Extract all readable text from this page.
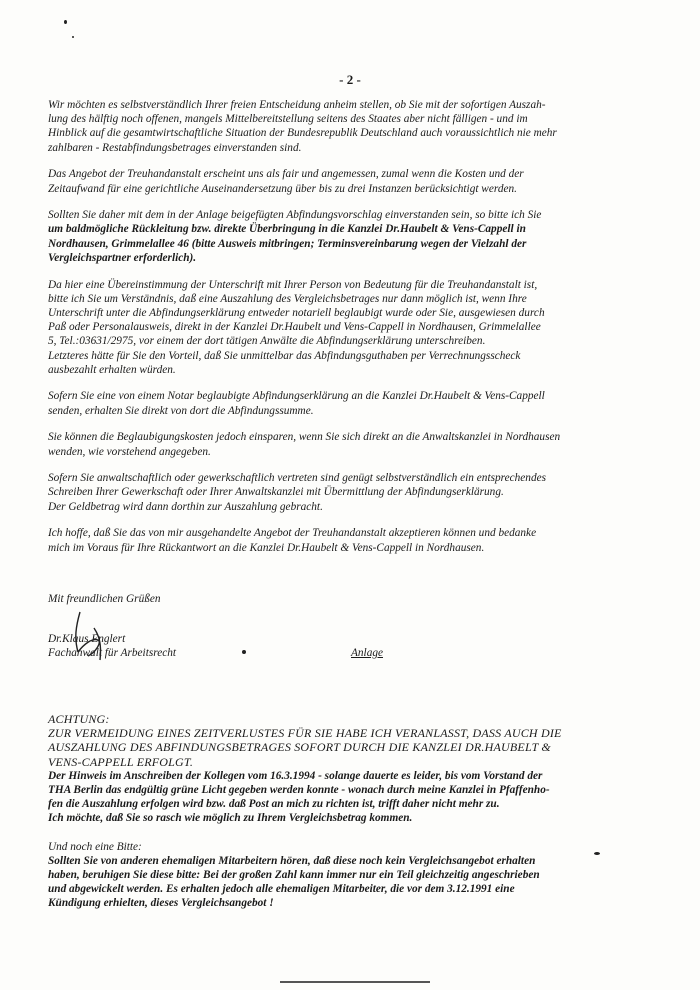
- 2 -

Wir möchten es selbstverständlich Ihrer freien Entscheidung anheim stellen, ob Sie mit der sofortigen Auszah-
lung des hälftig noch offenen, mangels Mittelbereitstellung seitens des Staates aber nicht fälligen - und im
Hinblick auf die gesamtwirtschaftliche Situation der Bundesrepublik Deutschland auch voraussichtlich nie mehr
zahlbaren - Restabfindungsbetrages einverstanden sind.

Das Angebot der Treuhandanstalt erscheint uns als fair und angemessen, zumal wenn die Kosten und der
Zeitaufwand für eine gerichtliche Auseinandersetzung über bis zu drei Instanzen berücksichtigt werden.

Sollten Sie daher mit dem in der Anlage beigefügten Abfindungsvorschlag einverstanden sein, so bitte ich Sie
um baldmögliche Rückleitung bzw. direkte Überbringung in die Kanzlei Dr.Haubelt & Vens-Cappell in
Nordhausen, Grimmelallee 46 (bitte Ausweis mitbringen; Terminsvereinbarung wegen der Vielzahl der
Vergleichspartner erforderlich).

Da hier eine Übereinstimmung der Unterschrift mit Ihrer Person von Bedeutung für die Treuhandanstalt ist,
bitte ich Sie um Verständnis, daß eine Auszahlung des Vergleichsbetrages nur dann möglich ist, wenn Ihre
Unterschrift unter die Abfindungserklärung entweder notariell beglaubigt wurde oder Sie, ausgewiesen durch
Paß oder Personalausweis, direkt in der Kanzlei Dr.Haubelt und Vens-Cappell in Nordhausen, Grimmelallee
5, Tel.:03631/2975, vor einem der dort tätigen Anwälte die Abfindungserklärung unterschreiben.
Letzteres hätte für Sie den Vorteil, daß Sie unmittelbar das Abfindungsguthaben per Verrechnungsscheck
ausbezahlt erhalten würden.

Sofern Sie eine von einem Notar beglaubigte Abfindungserklärung an die Kanzlei Dr.Haubelt & Vens-Cappell
senden, erhalten Sie direkt von dort die Abfindungssumme.

Sie können die Beglaubigungskosten jedoch einsparen, wenn Sie sich direkt an die Anwaltskanzlei in Nordhausen
wenden, wie vorstehend angegeben.

Sofern Sie anwaltschaftlich oder gewerkschaftlich vertreten sind genügt selbstverständlich ein entsprechendes
Schreiben Ihrer Gewerkschaft oder Ihrer Anwaltskanzlei mit Übermittlung der Abfindungserklärung.
Der Geldbetrag wird dann dorthin zur Auszahlung gebracht.

Ich hoffe, daß Sie das von mir ausgehandelte Angebot der Treuhandanstalt akzeptieren können und bedanke
mich im Voraus für Ihre Rückantwort an die Kanzlei Dr.Haubelt & Vens-Cappell in Nordhausen.

Mit freundlichen Grüßen
Dr.Klaus Englert
Fachanwalt für Arbeitsrecht	Anlage
ACHTUNG:
ZUR VERMEIDUNG EINES ZEITVERLUSTES FÜR SIE HABE ICH VERANLASST, DASS AUCH DIE
AUSZAHLUNG DES ABFINDUNGSBETRAGES SOFORT DURCH DIE KANZLEI DR.HAUBELT &
VENS-CAPPELL ERFOLGT.
Der Hinweis im Anschreiben der Kollegen vom 16.3.1994 - solange dauerte es leider, bis vom Vorstand der
THA Berlin das endgültig grüne Licht gegeben werden konnte - wonach durch meine Kanzlei in Pfaffenho-
fen die Auszahlung erfolgen wird bzw. daß Post an mich zu richten ist, trifft daher nicht mehr zu.
Ich möchte, daß Sie so rasch wie möglich zu Ihrem Vergleichsbetrag kommen.
Und noch eine Bitte:
Sollten Sie von anderen ehemaligen Mitarbeitern hören, daß diese noch kein Vergleichsangebot erhalten
haben, beruhigen Sie diese bitte: Bei der großen Zahl kann immer nur ein Teil gleichzeitig angeschrieben
und abgewickelt werden. Es erhalten jedoch alle ehemaligen Mitarbeiter, die vor dem 3.12.1991 eine
Kündigung erhielten, dieses Vergleichsangebot !
